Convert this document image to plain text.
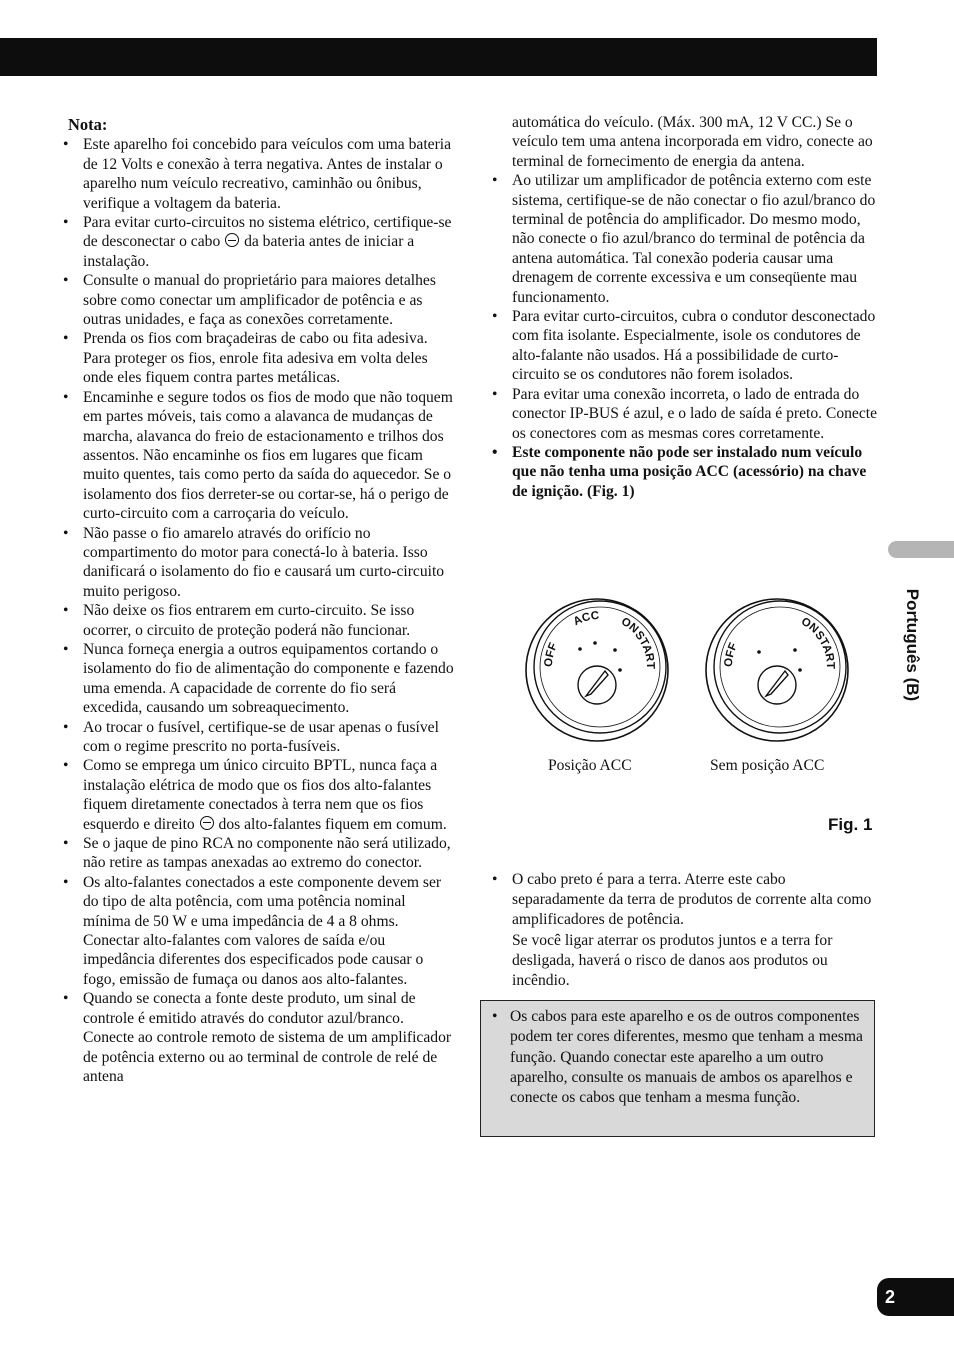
Nota:
• Este aparelho foi concebido para veículos com uma bateria de 12 Volts e conexão à terra negativa. Antes de instalar o aparelho num veículo recreativo, caminhão ou ônibus, verifique a voltagem da bateria.
• Para evitar curto-circuitos no sistema elétrico, certifique-se de desconectar o cabo da bateria antes de iniciar a instalação.
• Consulte o manual do proprietário para maiores detalhes sobre como conectar um amplificador de potência e as outras unidades, e faça as conexões corretamente.
• Prenda os fios com braçadeiras de cabo ou fita adesiva. Para proteger os fios, enrole fita adesiva em volta deles onde eles fiquem contra partes metálicas.
• Encaminhe e segure todos os fios de modo que não toquem em partes móveis, tais como a alavanca de mudanças de marcha, alavanca do freio de estacionamento e trilhos dos assentos. Não encaminhe os fios em lugares que ficam muito quentes, tais como perto da saída do aquecedor. Se o isolamento dos fios derreter-se ou cortar-se, há o perigo de curto-circuito com a carroçaria do veículo.
• Não passe o fio amarelo através do orifício no compartimento do motor para conectá-lo à bateria. Isso danificará o isolamento do fio e causará um curto-circuito muito perigoso.
• Não deixe os fios entrarem em curto-circuito. Se isso ocorrer, o circuito de proteção poderá não funcionar.
• Nunca forneça energia a outros equipamentos cortando o isolamento do fio de alimentação do componente e fazendo uma emenda. A capacidade de corrente do fio será excedida, causando um sobreaquecimento.
• Ao trocar o fusível, certifique-se de usar apenas o fusível com o regime prescrito no porta-fusíveis.
• Como se emprega um único circuito BPTL, nunca faça a instalação elétrica de modo que os fios dos alto-falantes fiquem diretamente conectados à terra nem que os fios esquerdo e direito dos alto-falantes fiquem em comum.
• Se o jaque de pino RCA no componente não será utilizado, não retire as tampas anexadas ao extremo do conector.
• Os alto-falantes conectados a este componente devem ser do tipo de alta potência, com uma potência nominal mínima de 50 W e uma impedância de 4 a 8 ohms. Conectar alto-falantes com valores de saída e/ou impedância diferentes dos especificados pode causar o fogo, emissão de fumaça ou danos aos alto-falantes.
• Quando se conecta a fonte deste produto, um sinal de controle é emitido através do condutor azul/branco. Conecte ao controle remoto de sistema de um amplificador de potência externo ou ao terminal de controle de relé de antena
automática do veículo. (Máx. 300 mA, 12 V CC.) Se o veículo tem uma antena incorporada em vidro, conecte ao terminal de fornecimento de energia da antena.
• Ao utilizar um amplificador de potência externo com este sistema, certifique-se de não conectar o fio azul/branco do terminal de potência do amplificador. Do mesmo modo, não conecte o fio azul/branco do terminal de potência da antena automática. Tal conexão poderia causar uma drenagem de corrente excessiva e um conseqüente mau funcionamento.
• Para evitar curto-circuitos, cubra o condutor desconectado com fita isolante. Especialmente, isole os condutores de alto-falante não usados. Há a possibilidade de curto-circuito se os condutores não forem isolados.
• Para evitar uma conexão incorreta, o lado de entrada do conector IP-BUS é azul, e o lado de saída é preto. Conecte os conectores com as mesmas cores corretamente.
• Este componente não pode ser instalado num veículo que não tenha uma posição ACC (acessório) na chave de ignição. (Fig. 1)
OFF
ACC ON
START	OFF
ON
START
Posição ACC	Sem posição ACC
Fig. 1
• O cabo preto é para a terra. Aterre este cabo separadamente da terra de produtos de corrente alta como amplificadores de potência.
Se você ligar aterrar os produtos juntos e a terra for desligada, haverá o risco de danos aos produtos ou incêndio.
• Os cabos para este aparelho e os de outros componentes podem ter cores diferentes, mesmo que tenham a mesma função. Quando conectar este aparelho a um outro aparelho, consulte os manuais de ambos os aparelhos e conecte os cabos que tenham a mesma função.
Português (B)
2
